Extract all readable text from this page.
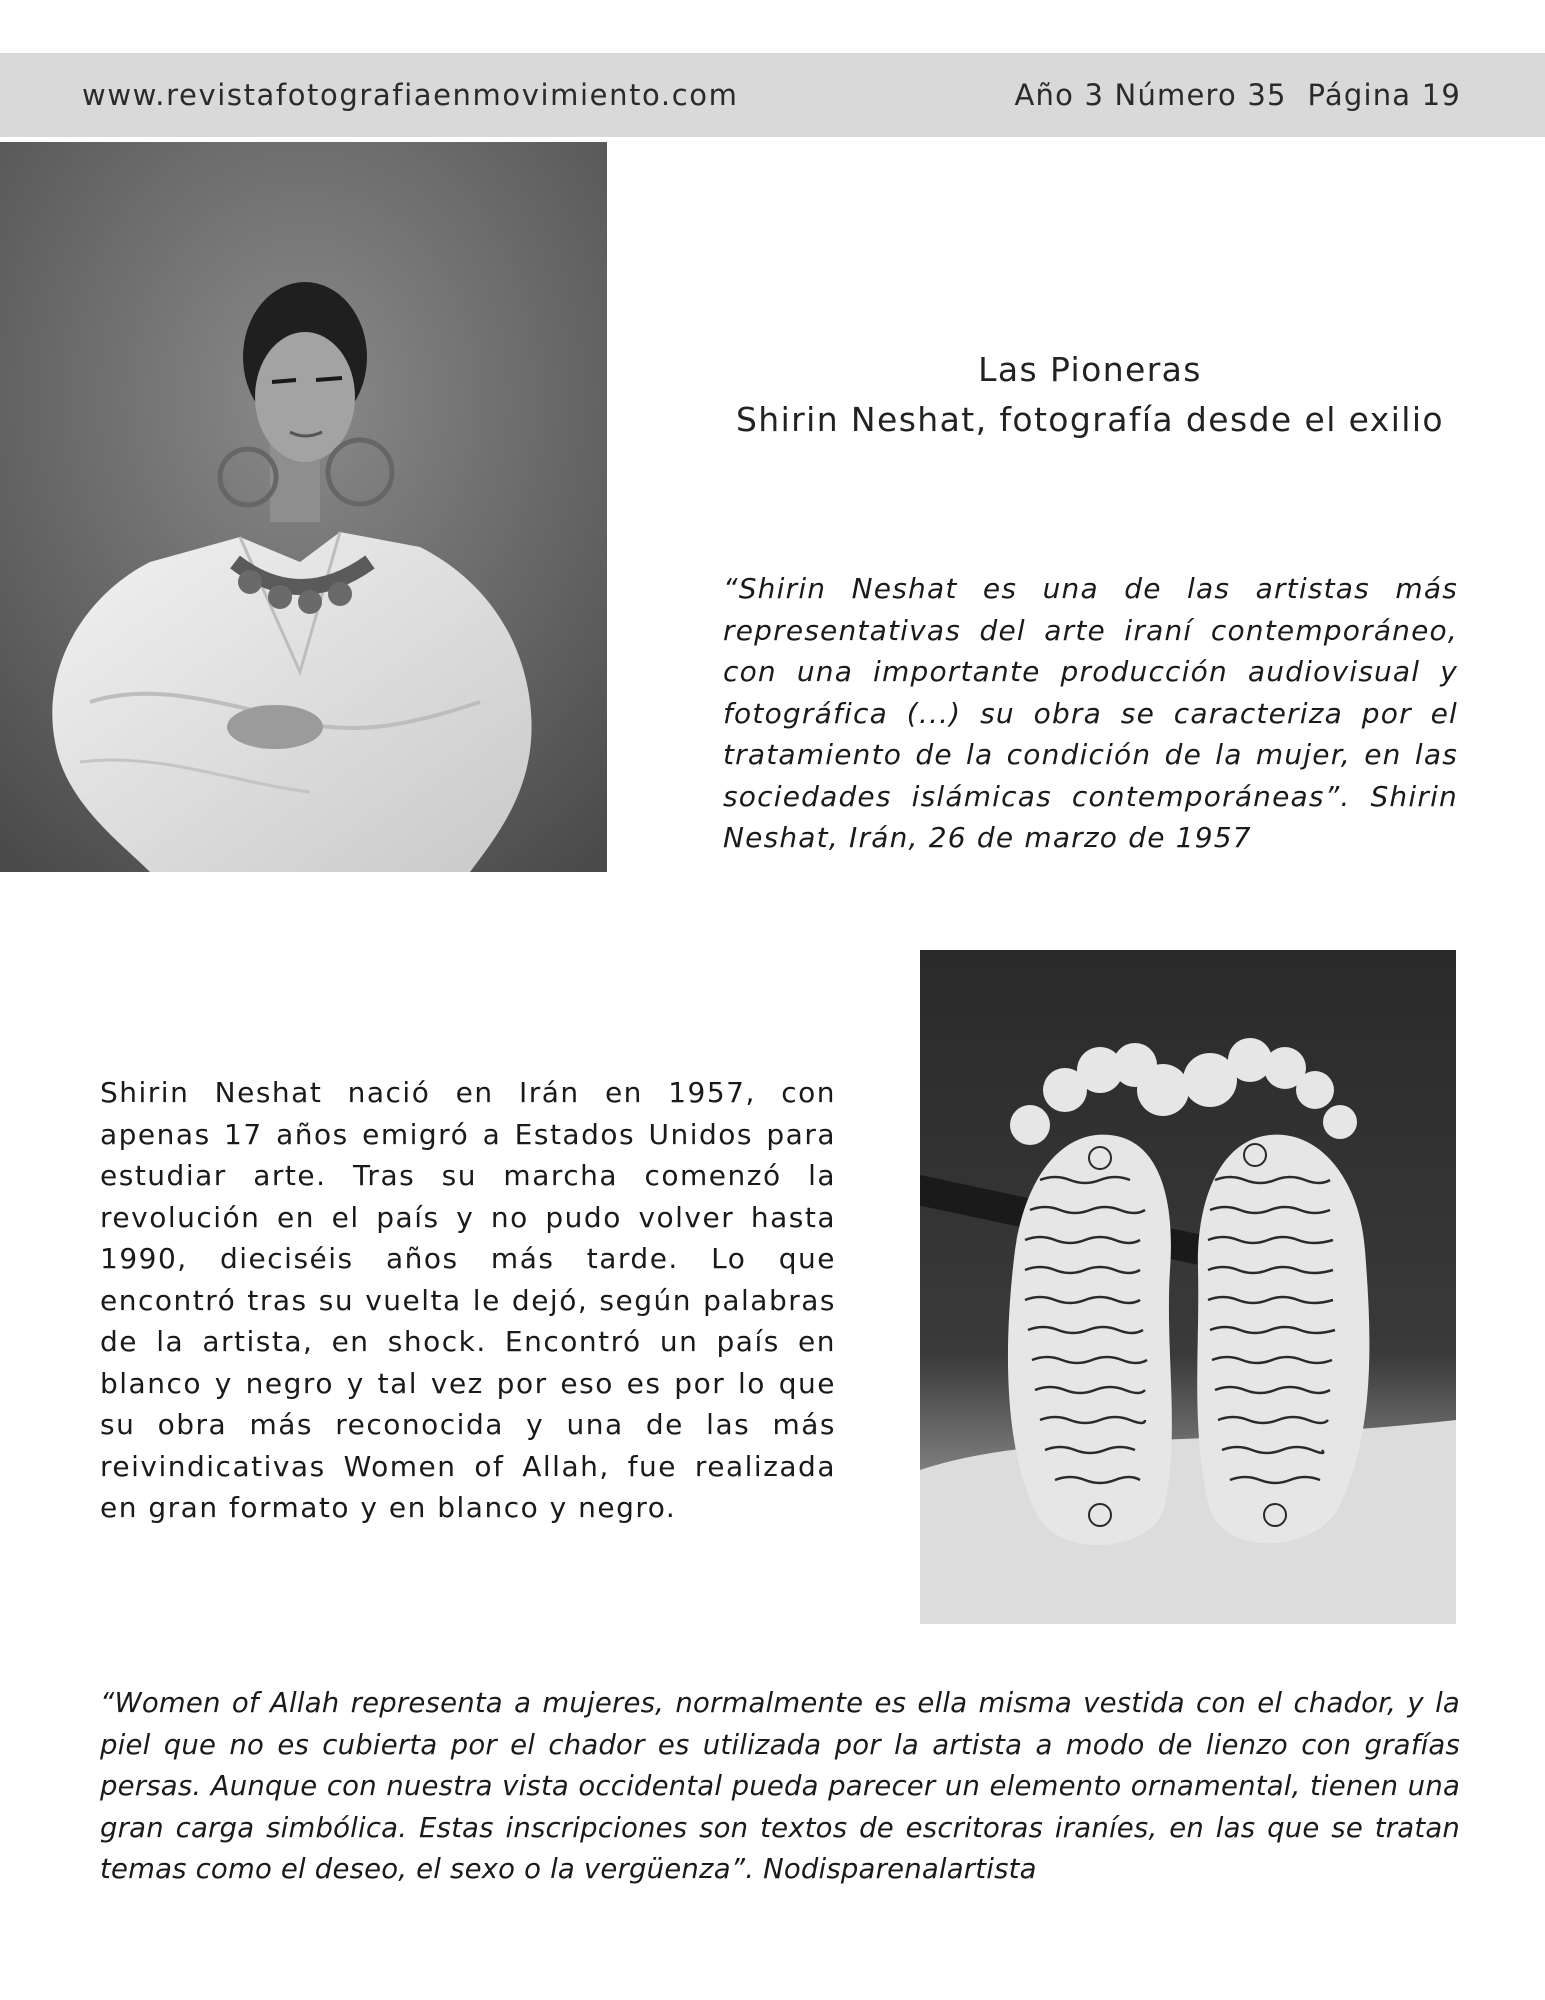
www.revistafotografiaenmovimiento.com	Año 3 Número 35  Página 19
Las Pioneras
Shirin Neshat, fotografía desde el exilio
“Shirin Neshat es una de las artistas más representativas del arte iraní contemporáneo, con una importante producción audiovisual y fotográfica (...) su obra se caracteriza por el tratamiento de la condición de la mujer, en las sociedades islámicas contemporáneas”. Shirin Neshat, Irán, 26 de marzo de 1957
Shirin Neshat nació en Irán en 1957, con apenas 17 años emigró a Estados Unidos para estudiar arte. Tras su marcha comenzó la revolución en el país y no pudo volver hasta 1990, dieciséis años más tarde. Lo que encontró tras su vuelta le dejó, según palabras de la artista, en shock. Encontró un país en blanco y negro y tal vez por eso es por lo que su obra más reconocida y una de las más reivindicativas Women of Allah, fue realizada en gran formato y en blanco y negro.
“Women of Allah representa a mujeres, normalmente es ella misma vestida con el chador, y la piel que no es cubierta por el chador es utilizada por la artista a modo de lienzo con grafías persas. Aunque con nuestra vista occidental pueda parecer un elemento ornamental, tienen una gran carga simbólica. Estas inscripciones son textos de escritoras iraníes, en las que se tratan temas como el deseo, el sexo o la vergüenza”. Nodisparenalartista
